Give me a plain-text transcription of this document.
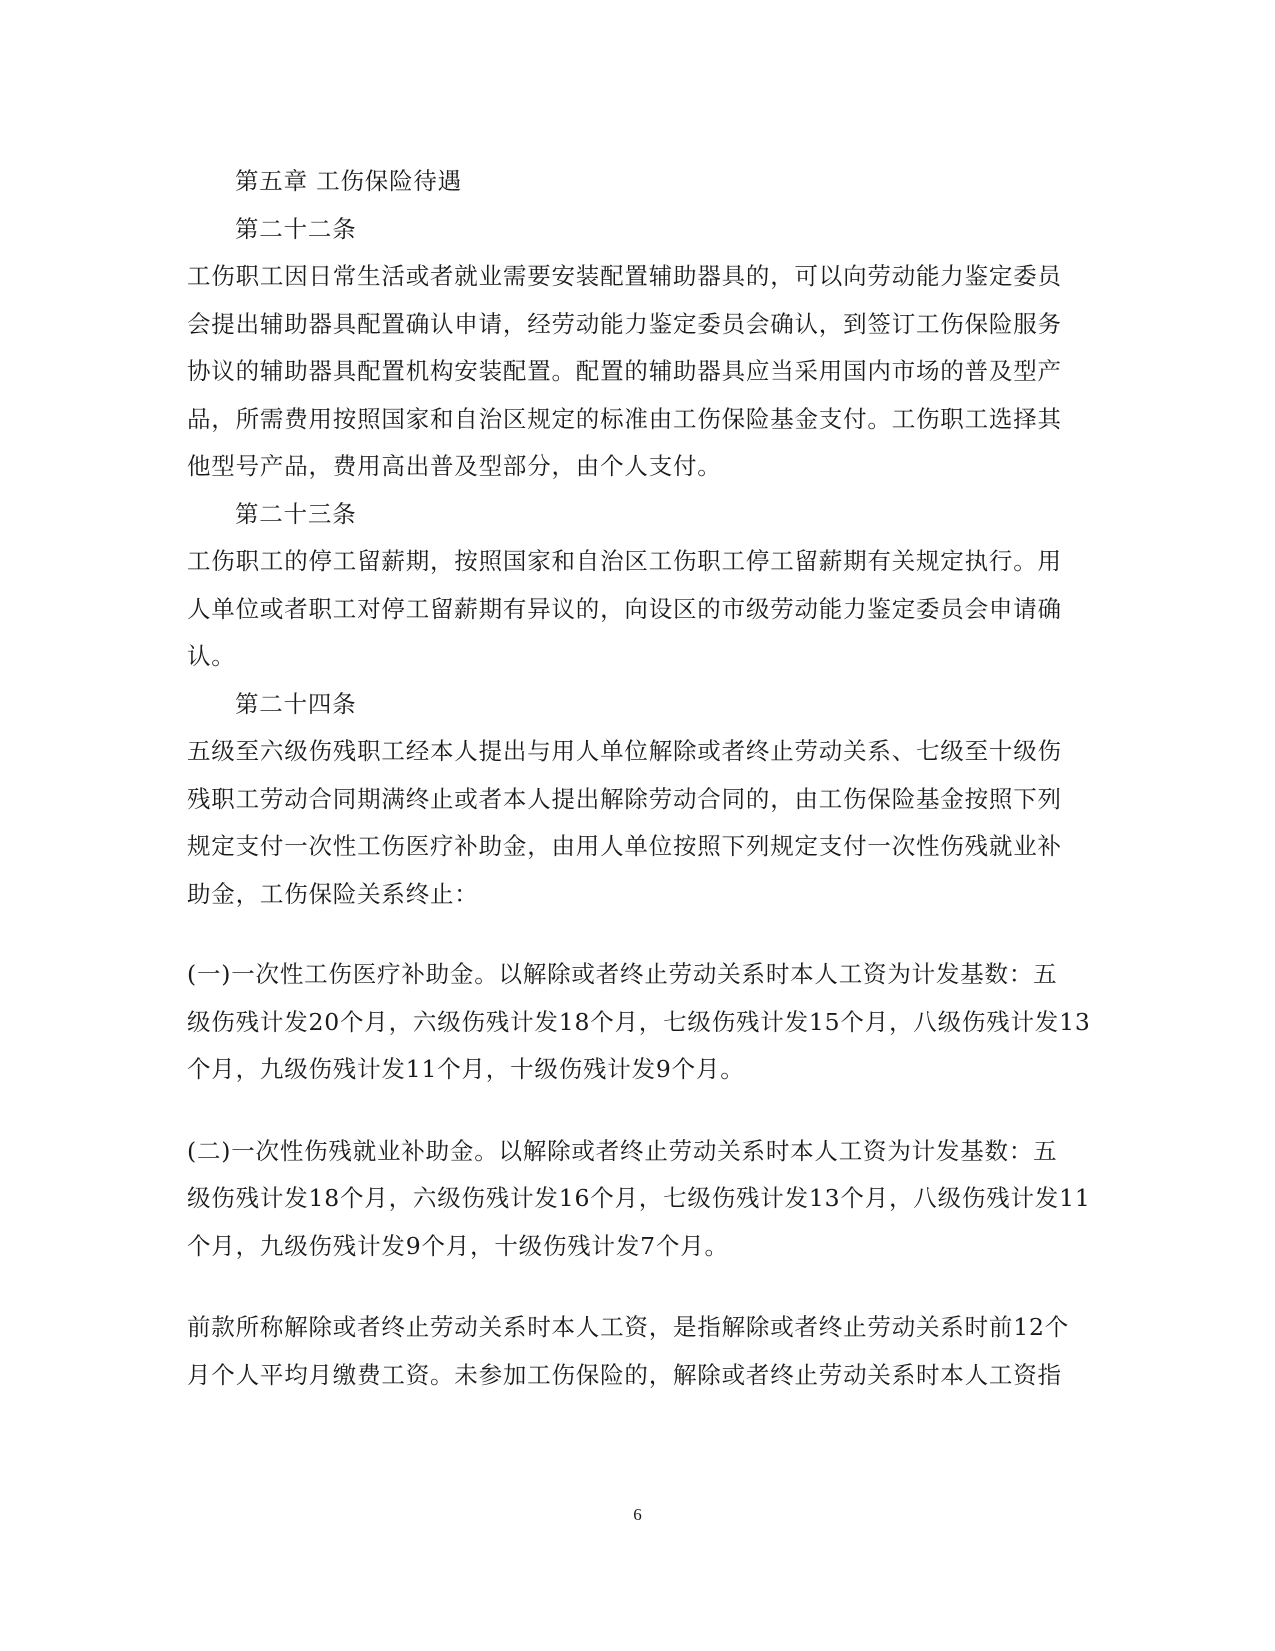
第五章 工伤保险待遇
第二十二条
工伤职工因日常生活或者就业需要安装配置辅助器具的，可以向劳动能力鉴定委员
会提出辅助器具配置确认申请，经劳动能力鉴定委员会确认，到签订工伤保险服务
协议的辅助器具配置机构安装配置。配置的辅助器具应当采用国内市场的普及型产
品，所需费用按照国家和自治区规定的标准由工伤保险基金支付。工伤职工选择其
他型号产品，费用高出普及型部分，由个人支付。
第二十三条
工伤职工的停工留薪期，按照国家和自治区工伤职工停工留薪期有关规定执行。用
人单位或者职工对停工留薪期有异议的，向设区的市级劳动能力鉴定委员会申请确
认。
第二十四条
五级至六级伤残职工经本人提出与用人单位解除或者终止劳动关系、七级至十级伤
残职工劳动合同期满终止或者本人提出解除劳动合同的，由工伤保险基金按照下列
规定支付一次性工伤医疗补助金，由用人单位按照下列规定支付一次性伤残就业补
助金，工伤保险关系终止：
(一)一次性工伤医疗补助金。以解除或者终止劳动关系时本人工资为计发基数：五
级伤残计发20个月，六级伤残计发18个月，七级伤残计发15个月，八级伤残计发13
个月，九级伤残计发11个月，十级伤残计发9个月。
(二)一次性伤残就业补助金。以解除或者终止劳动关系时本人工资为计发基数：五
级伤残计发18个月，六级伤残计发16个月，七级伤残计发13个月，八级伤残计发11
个月，九级伤残计发9个月，十级伤残计发7个月。
前款所称解除或者终止劳动关系时本人工资，是指解除或者终止劳动关系时前12个
月个人平均月缴费工资。未参加工伤保险的，解除或者终止劳动关系时本人工资指
6
